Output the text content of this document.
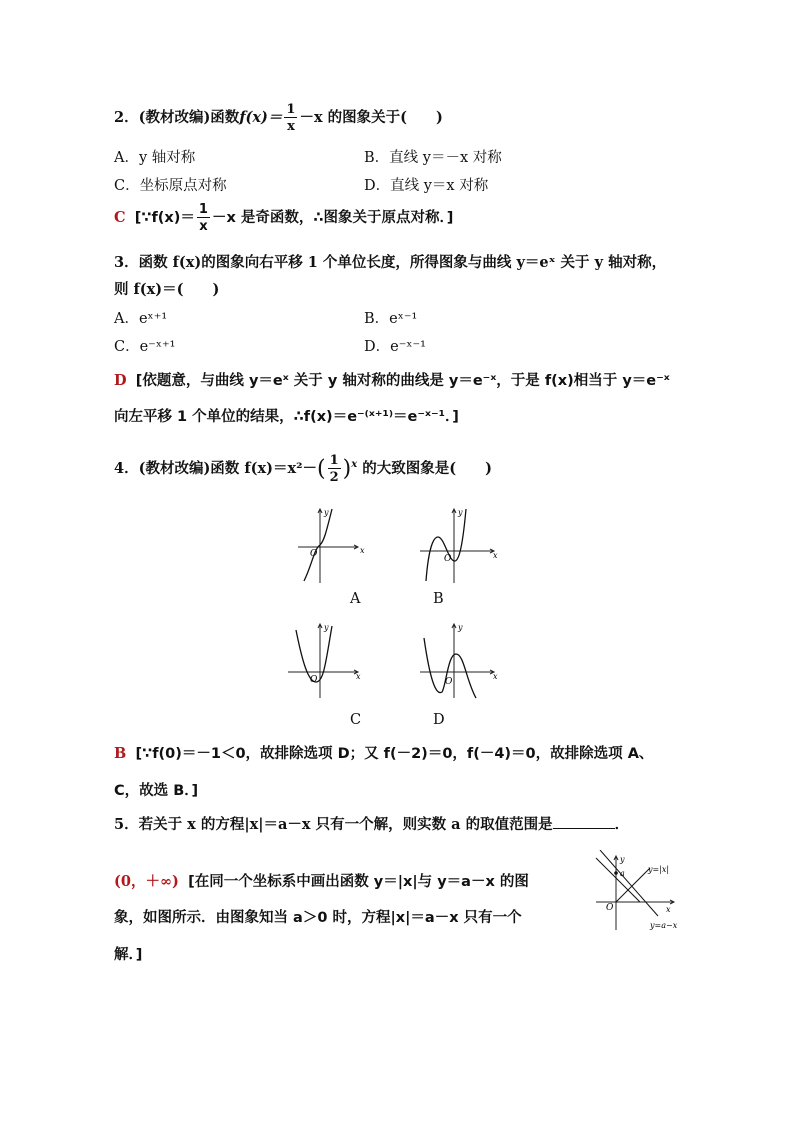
2．(教材改编)函数$f(x)= \frac{1}{x} -x$ 的图象关于(　　)
A．y 轴对称	B．直线 y＝－x 对称
C．坐标原点对称	D．直线 y＝x 对称
C [∵f(x)＝ $\frac{1}{x} -x$ 是奇函数，∴图象关于原点对称．]
3．函数 f(x)的图象向右平移 1 个单位长度，所得图象与曲线 y＝eˣ 关于 y 轴对称，
则 f(x)＝(　　)
A．eˣ⁺¹	B．eˣ⁻¹
C．e⁻ˣ⁺¹	D．e⁻ˣ⁻¹
D [依题意，与曲线 y＝eˣ 关于 y 轴对称的曲线是 y＝e⁻ˣ，于是 f(x)相当于 y＝e⁻ˣ
向左平移 1 个单位的结果，∴f(x)＝e⁻⁽ˣ⁺¹⁾＝e⁻ˣ⁻¹．]
4．(教材改编)函数 $f(x)=x^2-( \frac{1}{2} )^x$ 的大致图象是(　　)
y
x
O
A
y
x
O
B
y
x
O
C
y
x
O
D
B [∵f(0)＝－1＜0，故排除选项 D；又 f(－2)＝0，f(－4)＝0，故排除选项 A、
C，故选 B．]
5．若关于 x 的方程|x|＝a－x 只有一个解，则实数 a 的取值范围是	．
(0，＋∞) [在同一个坐标系中画出函数 y＝|x|与 y＝a－x 的图
象，如图所示．由图象知当 a＞0 时，方程|x|＝a－x 只有一个
解．]
y
a	y=|x|
x
O
y=a−x
